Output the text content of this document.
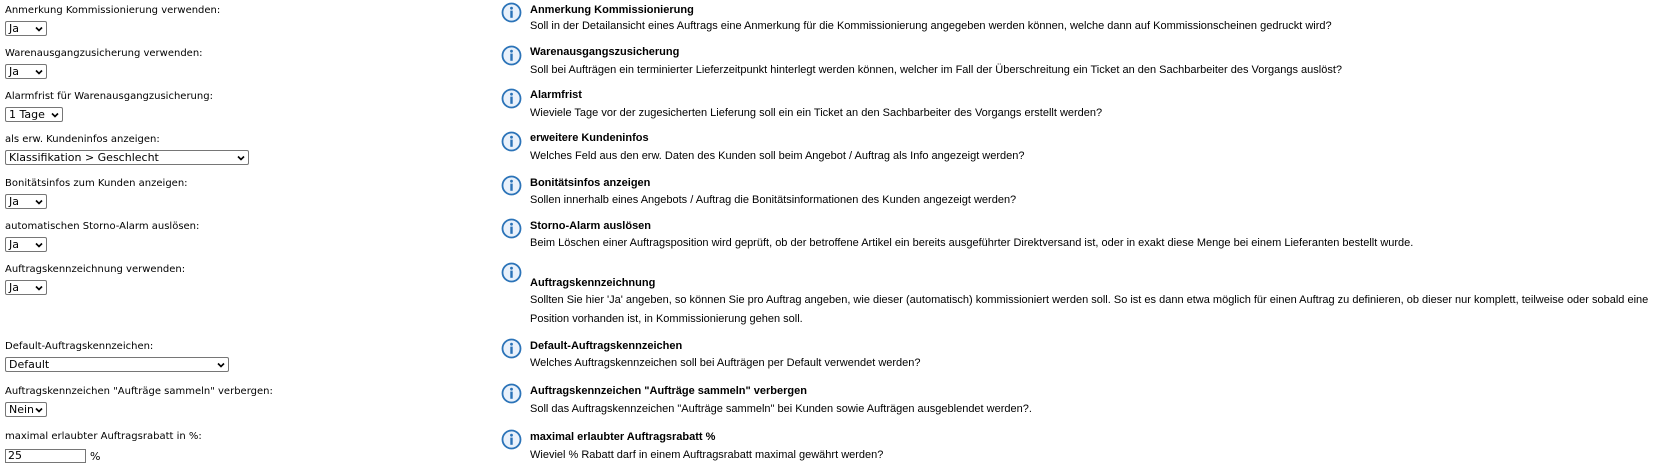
Anmerkung Kommissionierung verwenden:
Ja
Anmerkung Kommissionierung
Soll in der Detailansicht eines Auftrags eine Anmerkung für die Kommissionierung angegeben werden können, welche dann auf Kommissionscheinen gedruckt wird?
Warenausgangzusicherung verwenden:
Ja
Warenausgangszusicherung
Soll bei Aufträgen ein terminierter Lieferzeitpunkt hinterlegt werden können, welcher im Fall der Überschreitung ein Ticket an den Sachbarbeiter des Vorgangs auslöst?
Alarmfrist für Warenausgangzusicherung:
1 Tage
Alarmfrist
Wieviele Tage vor der zugesicherten Lieferung soll ein ein Ticket an den Sachbarbeiter des Vorgangs erstellt werden?
als erw. Kundeninfos anzeigen:
Klassifikation > Geschlecht
erweitere Kundeninfos
Welches Feld aus den erw. Daten des Kunden soll beim Angebot / Auftrag als Info angezeigt werden?
Bonitätsinfos zum Kunden anzeigen:
Ja
Bonitätsinfos anzeigen
Sollen innerhalb eines Angebots / Auftrag die Bonitätsinformationen des Kunden angezeigt werden?
automatischen Storno-Alarm auslösen:
Ja
Storno-Alarm auslösen
Beim Löschen einer Auftragsposition wird geprüft, ob der betroffene Artikel ein bereits ausgeführter Direktversand ist, oder in exakt diese Menge bei einem Lieferanten bestellt wurde.
Auftragskennzeichnung verwenden:
Ja	Auftragskennzeichnung
Sollten Sie hier 'Ja' angeben, so können Sie pro Auftrag angeben, wie dieser (automatisch) kommissioniert werden soll. So ist es dann etwa möglich für einen Auftrag zu definieren, ob dieser nur komplett, teilweise oder sobald eine Position vorhanden ist, in Kommissionierung gehen soll.
Default-Auftragskennzeichen:
Default
Default-Auftragskennzeichen
Welches Auftragskennzeichen soll bei Aufträgen per Default verwendet werden?
Auftragskennzeichen "Aufträge sammeln" verbergen:
Nein
Auftragskennzeichen "Aufträge sammeln" verbergen
Soll das Auftragskennzeichen "Aufträge sammeln" bei Kunden sowie Aufträgen ausgeblendet werden?.
maximal erlaubter Auftragsrabatt in %:
25	%
maximal erlaubter Auftragsrabatt %
Wieviel % Rabatt darf in einem Auftragsrabatt maximal gewährt werden?
